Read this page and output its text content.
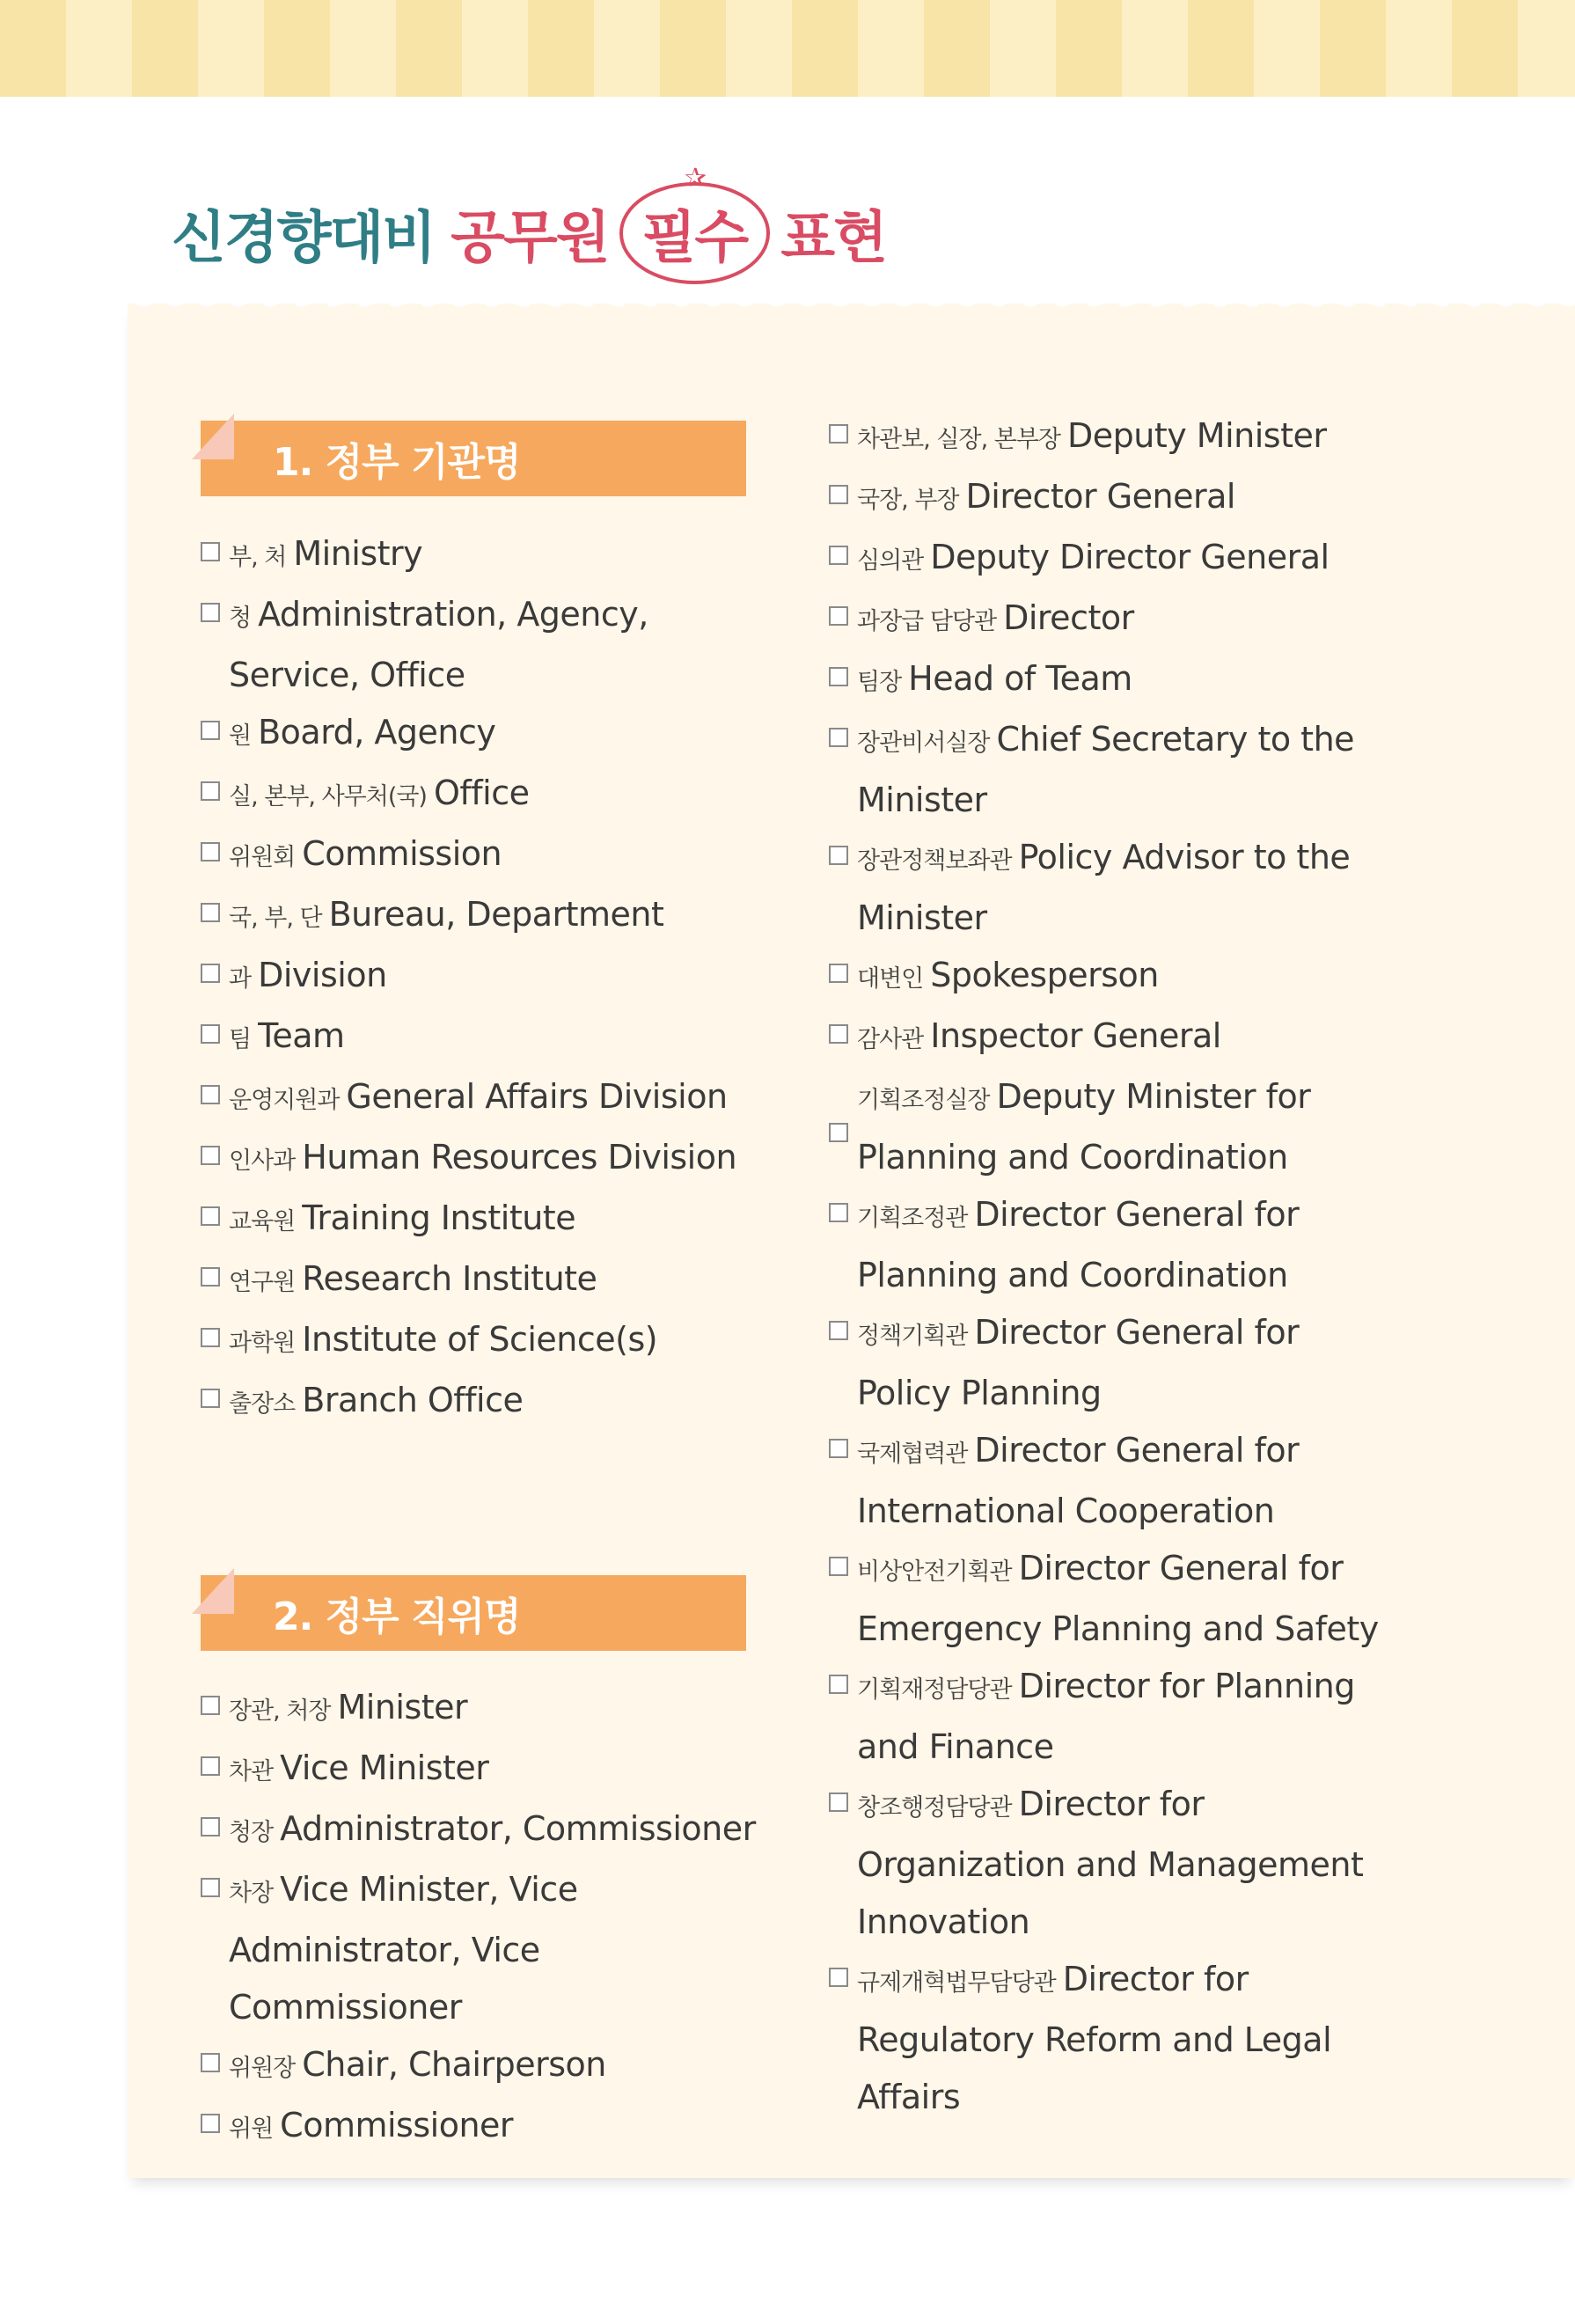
신경향대비 공무원
✰
필수 표현
1. 정부 기관명
부, 처 Ministry
청 Administration, Agency, Service, Office
원 Board, Agency
실, 본부, 사무처(국) Office
위원회 Commission
국, 부, 단 Bureau, Department
과 Division
팀 Team
운영지원과 General Affairs Division
인사과 Human Resources Division
교육원 Training Institute
연구원 Research Institute
과학원 Institute of Science(s)
출장소 Branch Office
2. 정부 직위명
장관, 처장 Minister
차관 Vice Minister
청장 Administrator, Commissioner
차장 Vice Minister, Vice Administrator, Vice Commissioner
위원장 Chair, Chairperson
위원 Commissioner
차관보, 실장, 본부장 Deputy Minister
국장, 부장 Director General
심의관 Deputy Director General
과장급 담당관 Director
팀장 Head of Team
장관비서실장 Chief Secretary to the Minister
장관정책보좌관 Policy Advisor to the Minister
대변인 Spokesperson
감사관 Inspector General
기획조정실장 Deputy Minister for Planning and Coordination
기획조정관 Director General for Planning and Coordination
정책기획관 Director General for Policy Planning
국제협력관 Director General for International Cooperation
비상안전기획관 Director General for Emergency Planning and Safety
기획재정담당관 Director for Planning and Finance
창조행정담당관 Director for Organization and Management Innovation
규제개혁법무담당관 Director for Regulatory Reform and Legal Affairs
